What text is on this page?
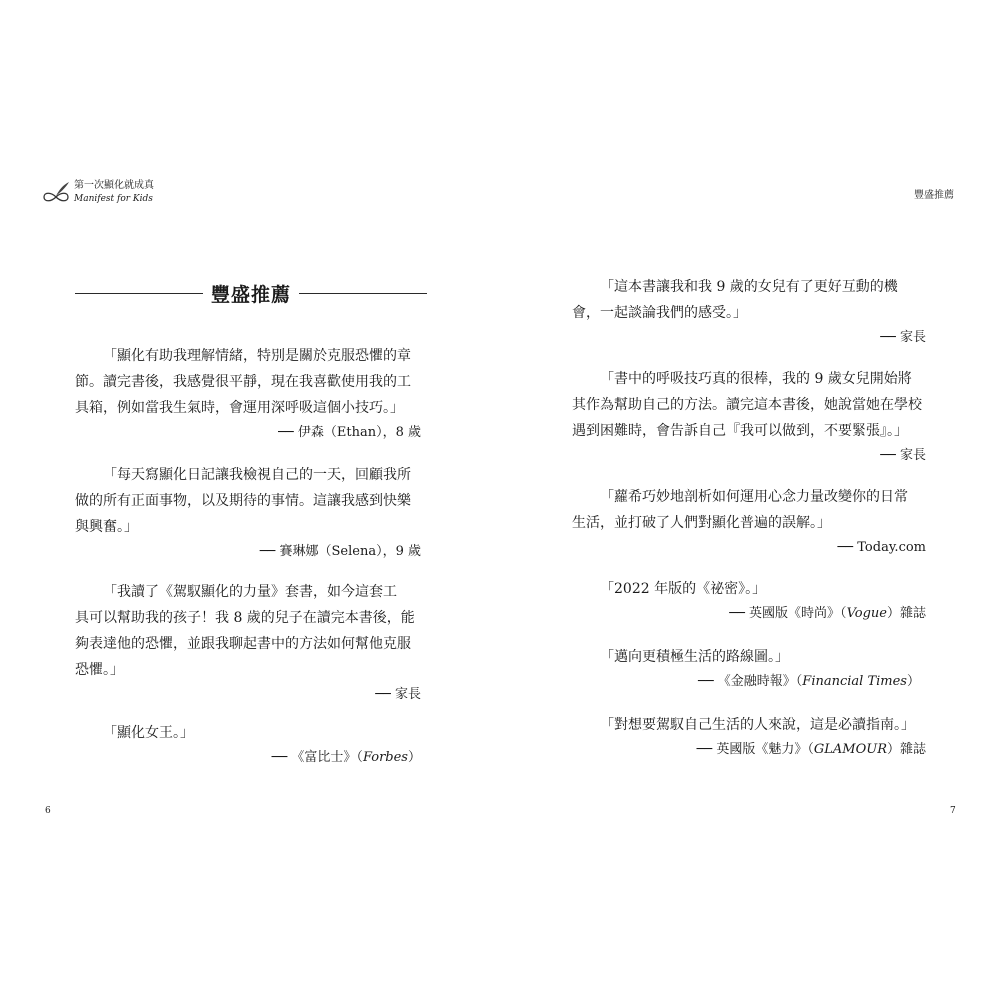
第一次顯化就成真
Manifest for Kids	豐盛推薦
豐盛推薦

「顯化有助我理解情緒，特別是關於克服恐懼的章

節。讀完書後，我感覺很平靜，現在我喜歡使用我的工

具箱，例如當我生氣時，會運用深呼吸這個小技巧。」

── 伊森（Ethan），8 歲

「每天寫顯化日記讓我檢視自己的一天，回顧我所

做的所有正面事物，以及期待的事情。這讓我感到快樂

與興奮。」

── 賽琳娜（Selena），9 歲

「我讀了《駕馭顯化的力量》套書，如今這套工

具可以幫助我的孩子！我 8 歲的兒子在讀完本書後，能

夠表達他的恐懼，並跟我聊起書中的方法如何幫他克服

恐懼。」

── 家長

「顯化女王。」

── 《富比士》（Forbes）

6

「這本書讓我和我 9 歲的女兒有了更好互動的機

會，一起談論我們的感受。」

── 家長

「書中的呼吸技巧真的很棒，我的 9 歲女兒開始將

其作為幫助自己的方法。讀完這本書後，她說當她在學校

遇到困難時，會告訴自己『我可以做到，不要緊張』。」

── 家長

「蘿希巧妙地剖析如何運用心念力量改變你的日常

生活，並打破了人們對顯化普遍的誤解。」

── Today.com

「2022 年版的《祕密》。」

── 英國版《時尚》（Vogue）雜誌

「邁向更積極生活的路線圖。」

── 《金融時報》（Financial Times）

「對想要駕馭自己生活的人來說，這是必讀指南。」

── 英國版《魅力》（GLAMOUR）雜誌

7
